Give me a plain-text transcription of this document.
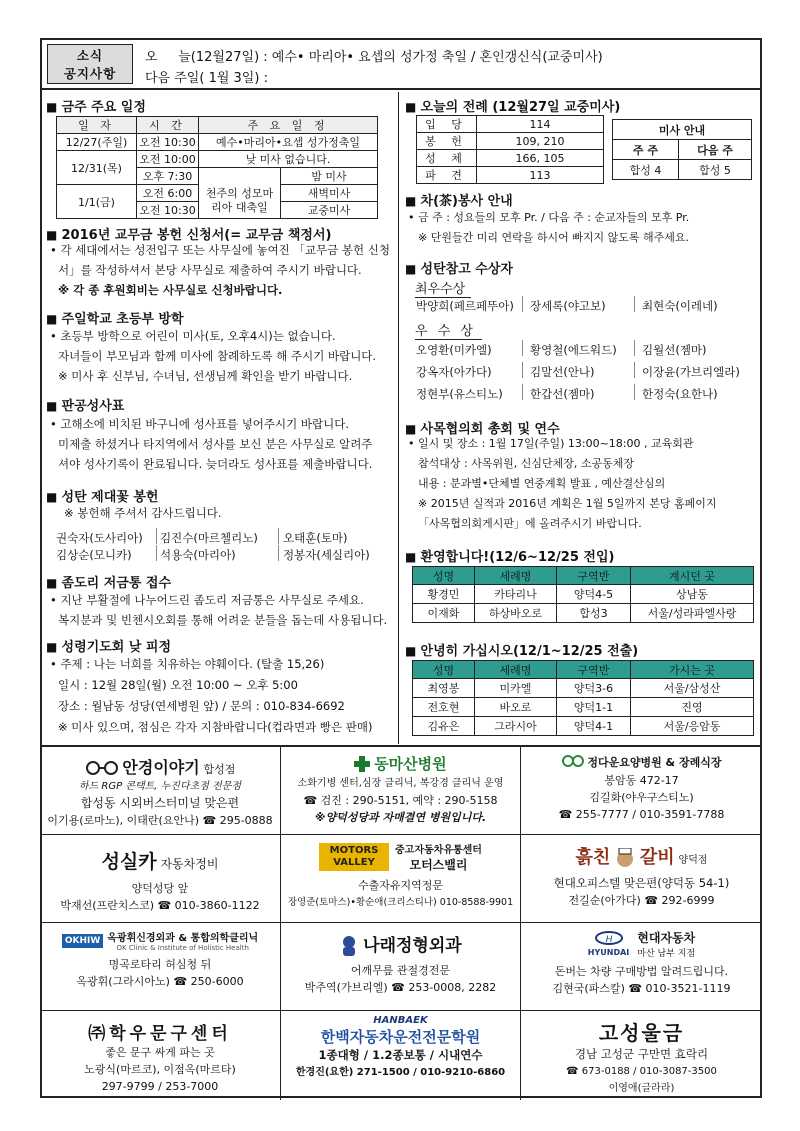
소식
공지사항
오 늘(12월27일) : 예수• 마리아• 요셉의 성가정 축일 / 혼인갱신식(교중미사)
다음 주일( 1월 3일) :
■ 금주 주요 일정
일 자	시 간	주 요 일 정	
12/27(주일)	오전 10:30	예수•마리아•요셉 성가정축일	
12/31(목)	오전 10:00	낮 미사 없습니다.	
	오후 7:30		밤 미사
1/1(금)	오전 6:00	천주의 성모마리아 대축일	새벽미사
	오전 10:30		교중미사
■ 2016년 교무금 봉헌 신청서(= 교무금 책정서)
• 각 세대에서는 성전입구 또는 사무실에 놓여진 「교무금 봉헌 신청
서」를 작성하셔서 본당 사무실로 제출하여 주시기 바랍니다.
※ 각 종 후원회비는 사무실로 신청바랍니다.
■ 주일학교 초등부 방학
• 초등부 방학으로 어린이 미사(토, 오후4시)는 없습니다.
자녀들이 부모님과 함께 미사에 참례하도록 해 주시기 바랍니다.
※ 미사 후 신부님, 수녀님, 선생님께 확인을 받기 바랍니다.
■ 판공성사표
• 고해소에 비치된 바구니에 성사표를 넣어주시기 바랍니다.
미제출 하셨거나 타지역에서 성사를 보신 분은 사무실로 알려주
셔야 성사기록이 완료됩니다. 늦더라도 성사표를 제출바랍니다.
■ 성탄 제대꽃 봉헌
※ 봉헌해 주셔서 감사드립니다.
권숙자(도사리아) 김진수(마르첼리노) 오태훈(토마)
김상순(모니카) 석용숙(마리아)	정봉자(세실리아)
■ 좀도리 저금통 접수
• 지난 부활절에 나누어드린 좀도리 저금통은 사무실로 주세요.
복지분과 및 빈첸시오회를 통해 어려운 분들을 돕는데 사용됩니다.
■ 성령기도회 낮 피정
• 주제 : 나는 너희를 치유하는 야훼이다. (탈출 15,26)
일시 : 12월 28일(월) 오전 10:00 ~ 오후 5:00
장소 : 월남동 성당(연세병원 앞) / 문의 : 010-834-6692
※ 미사 있으며, 점심은 각자 지참바랍니다(컵라면과 빵은 판매)
■ 오늘의 전례 (12월27일 교중미사)
입 당	114
봉 헌	109, 210
성 체	166, 105
파 견	113
미사 안내	
주 주	다음 주
합성 4	합성 5
■ 차(茶)봉사 안내
• 금 주 : 성요들의 모후 Pr. / 다음 주 : 순교자들의 모후 Pr.
※ 단원들간 미리 연락을 하시어 빠지지 않도록 해주세요.
■ 성탄참고 수상자
최우수상
박양희(페르페뚜아) 장세록(야고보)	최현숙(이레네)
우 수 상
오영환(미카엘)	황영철(에드워드) 김월선(젬마)
강옥자(아가다)	김말선(안나)	이장윤(가브리엘라)
정현부(유스티노) 한갑선(젬마)	한정숙(요한나)
■ 사목협의회 총회 및 연수
• 일시 및 장소 : 1월 17일(주일) 13:00~18:00 , 교육회관
참석대상 : 사목위원, 신심단체장, 소공동체장
내용 : 분과별•단체별 연중계획 발표 , 예산결산심의
※ 2015년 실적과 2016년 계획은 1월 5일까지 본당 홈페이지
「사목협의회게시판」에 올려주시기 바랍니다.
■ 환영합니다!(12/6~12/25 전입)
성명	세례명	구역반	계시던 곳
황경민	카타리나	양덕4-5	상남동
이재화	하상바오로	합성3	서울/성라파엘사랑
■ 안녕히 가십시오(12/1~12/25 전출)
성명	세례명	구역반	가시는 곳
최영봉	미카엘	양덕3-6	서울/삼성산
전호현	바오로	양덕1-1	진영
김유은	그라시아	양덕4-1	서울/응암동
안경이야기 합성점
하드 RGP 콘택트, 누진다초점 전문점
합성동 시외버스터미널 맞은편
이기용(로마노), 이태란(요안나) ☎ 295-0888
동마산병원
소화기병 센터,심장 클리닉, 복강경 클리닉 운영
☎ 검진 : 290-5151, 예약 : 290-5158
※양덕성당과 자매결연 병원입니다.
정다운요양병원 & 장례식장
봉암동 472-17
김길화(야우구스티노)
☎ 255-7777 / 010-3591-7788
성실카 자동차정비
양덕성당 앞
박재선(프란치스코) ☎ 010-3860-1122
MOTORS VALLEY
중고자동차유통센터
모터스밸리
수출자유지역정문
장영준(토마스)•황순애(크리스티나) 010-8588-9901
흙친 갈비 양덕점
현대오피스텔 맞은편(양덕동 54-1)
전길순(아가다) ☎ 292-6999
OKHIW 옥광휘신경외과 & 통합의학클리닉
OK Clinic & Institute of Holistic Health
명곡로타리 허심청 뒤
옥광휘(그라시아노) ☎ 250-6000
나래정형외과
어깨무릎 관절경전문
박주역(가브리엘) ☎ 253-0008, 2282
H
HYUNDAI
현대자동차
마산 남부 지점
돈버는 차량 구매방법 알려드립니다.
김현국(파스칼) ☎ 010-3521-1119
㈜학우문구센터
좋은 문구 싸게 파는 곳
노광식(마르코), 이점옥(마르타)
297-9799 / 253-7000
HANBAEK
한백자동차운전전문학원
1종대형 / 1.2종보통 / 시내연수
한경진(요한) 271-1500 / 010-9210-6860
고성울금
경남 고성군 구만면 효락리
☎ 673-0188 / 010-3087-3500
이영애(글라라)
